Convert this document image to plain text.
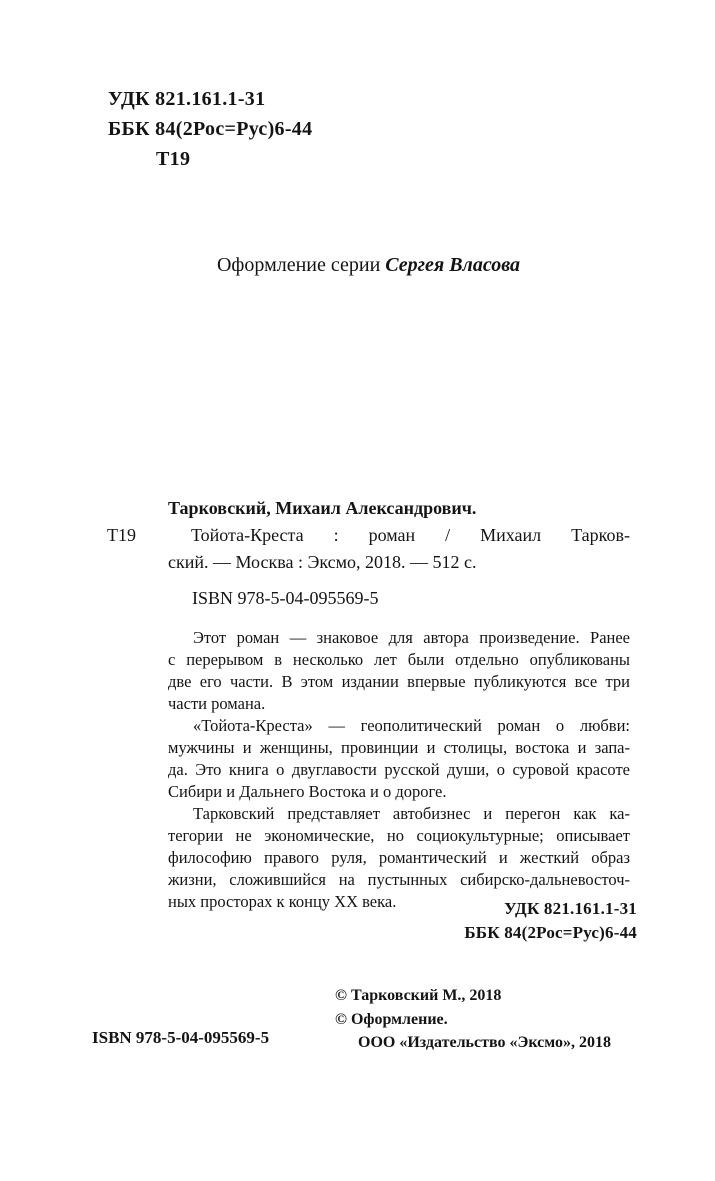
УДК 821.161.1-31
ББК 84(2Рос=Рус)6-44
Т19
Оформление серии Сергея Власова
Тарковский, Михаил Александрович.
Т19	Тойота-Креста : роман / Михаил Тарков-
ский. — Москва : Эксмо, 2018. — 512 с.
ISBN 978-5-04-095569-5
Этот роман — знаковое для автора произведение. Ранее
с перерывом в несколько лет были отдельно опубликованы
две его части. В этом издании впервые публикуются все три
части романа.
«Тойота-Креста» — геополитический роман о любви:
мужчины и женщины, провинции и столицы, востока и запа-
да. Это книга о двуглавости русской души, о суровой красоте
Сибири и Дальнего Востока и о дороге.
Тарковский представляет автобизнес и перегон как ка-
тегории не экономические, но социокультурные; описывает
философию правого руля, романтический и жесткий образ
жизни, сложившийся на пустынных сибирско-дальневосточ-
ных просторах к концу XX века.	УДК 821.161.1-31
ББК 84(2Рос=Рус)6-44
ISBN 978-5-04-095569-5
© Тарковский М., 2018
© Оформление.
ООО «Издательство «Эксмо», 2018
